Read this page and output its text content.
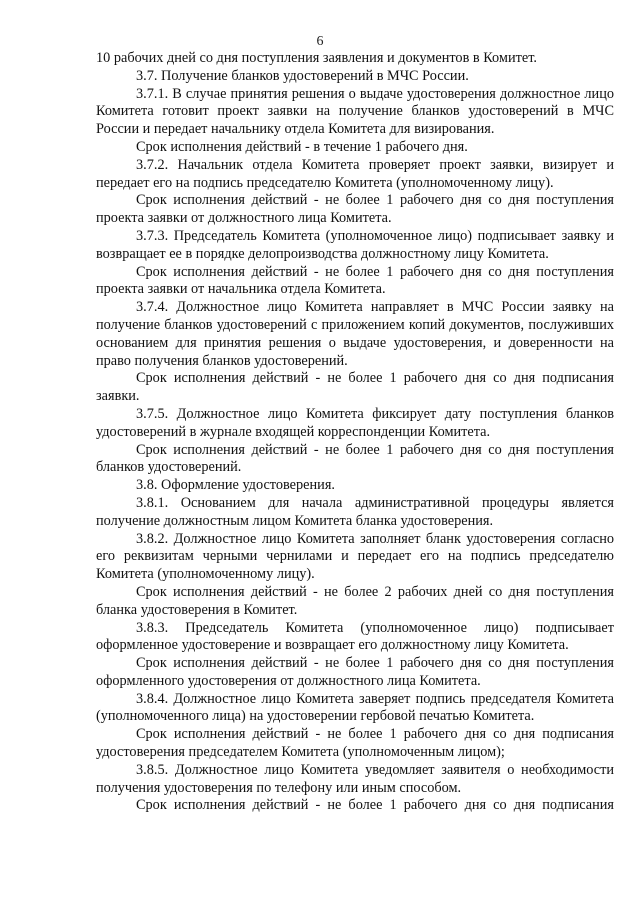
6

10 рабочих дней со дня поступления заявления и документов в Комитет.

3.7. Получение бланков удостоверений в МЧС России.

3.7.1. В случае принятия решения о выдаче удостоверения должностное лицо Комитета готовит проект заявки на получение бланков удостоверений в МЧС России и передает начальнику отдела Комитета для визирования.

Срок исполнения действий - в течение 1 рабочего дня.

3.7.2. Начальник отдела Комитета проверяет проект заявки, визирует и передает его на подпись председателю Комитета (уполномоченному лицу).

Срок исполнения действий - не более 1 рабочего дня со дня поступления проекта заявки от должностного лица Комитета.

3.7.3. Председатель Комитета (уполномоченное лицо) подписывает заявку и возвращает ее в порядке делопроизводства должностному лицу Комитета.

Срок исполнения действий - не более 1 рабочего дня со дня поступления проекта заявки от начальника отдела Комитета.

3.7.4. Должностное лицо Комитета направляет в МЧС России заявку на получение бланков удостоверений с приложением копий документов, послуживших основанием для принятия решения о выдаче удостоверения, и доверенности на право получения бланков удостоверений.

Срок исполнения действий - не более 1 рабочего дня со дня подписания заявки.

3.7.5. Должностное лицо Комитета фиксирует дату поступления бланков удостоверений в журнале входящей корреспонденции Комитета.

Срок исполнения действий - не более 1 рабочего дня со дня поступления бланков удостоверений.

3.8. Оформление удостоверения.

3.8.1. Основанием для начала административной процедуры является получение должностным лицом Комитета бланка удостоверения.

3.8.2. Должностное лицо Комитета заполняет бланк удостоверения согласно его реквизитам черными чернилами и передает его на подпись председателю Комитета (уполномоченному лицу).

Срок исполнения действий - не более 2 рабочих дней со дня поступления бланка удостоверения в Комитет.

3.8.3. Председатель Комитета (уполномоченное лицо) подписывает оформленное удостоверение и возвращает его должностному лицу Комитета.

Срок исполнения действий - не более 1 рабочего дня со дня поступления оформленного удостоверения от должностного лица Комитета.

3.8.4. Должностное лицо Комитета заверяет подпись председателя Комитета (уполномоченного лица) на удостоверении гербовой печатью Комитета.

Срок исполнения действий - не более 1 рабочего дня со дня подписания удостоверения председателем Комитета (уполномоченным лицом);

3.8.5. Должностное лицо Комитета уведомляет заявителя о необходимости получения удостоверения по телефону или иным способом.

Срок исполнения действий - не более 1 рабочего дня со дня подписания
